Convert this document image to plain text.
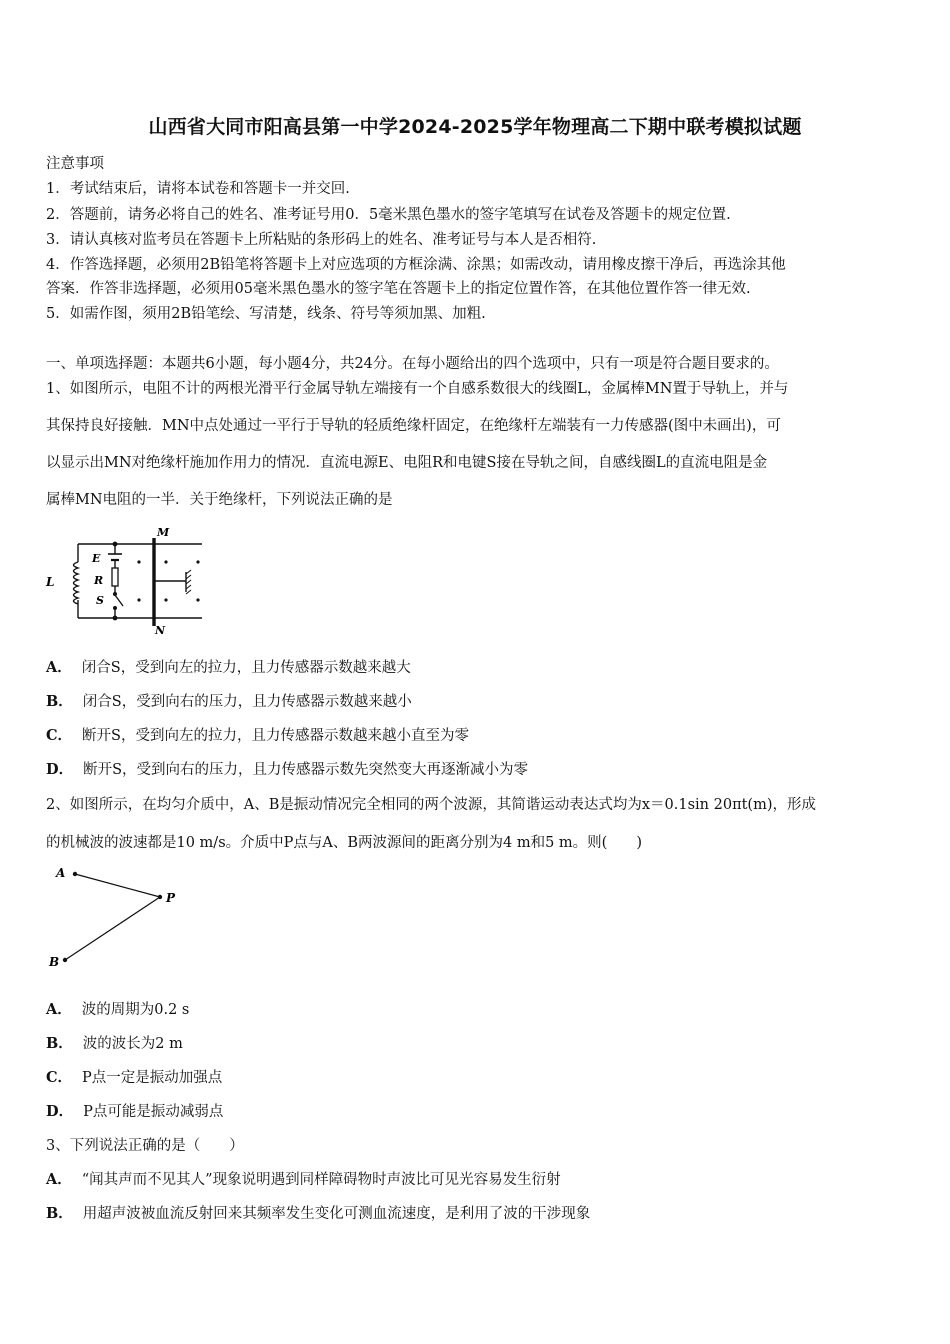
山西省大同市阳高县第一中学2024-2025学年物理高二下期中联考模拟试题
注意事项
1．考试结束后，请将本试卷和答题卡一并交回.
2．答题前，请务必将自己的姓名、准考证号用0．5毫米黑色墨水的签字笔填写在试卷及答题卡的规定位置.
3．请认真核对监考员在答题卡上所粘贴的条形码上的姓名、准考证号与本人是否相符.
4．作答选择题，必须用2B铅笔将答题卡上对应选项的方框涂满、涂黑；如需改动，请用橡皮擦干净后，再选涂其他
答案．作答非选择题，必须用05毫米黑色墨水的签字笔在答题卡上的指定位置作答，在其他位置作答一律无效.
5．如需作图，须用2B铅笔绘、写清楚，线条、符号等须加黑、加粗.
一、单项选择题：本题共6小题，每小题4分，共24分。在每小题给出的四个选项中，只有一项是符合题目要求的。
1、如图所示，电阻不计的两根光滑平行金属导轨左端接有一个自感系数很大的线圈L，金属棒MN置于导轨上，并与
其保持良好接触．MN中点处通过一平行于导轨的轻质绝缘杆固定，在绝缘杆左端装有一力传感器(图中未画出)，可
以显示出MN对绝缘杆施加作用力的情况．直流电源E、电阻R和电键S接在导轨之间，自感线圈L的直流电阻是金
属棒MN电阻的一半．关于绝缘杆，下列说法正确的是
L
E
R
S
M
N
A． 闭合S，受到向左的拉力，且力传感器示数越来越大
B． 闭合S，受到向右的压力，且力传感器示数越来越小
C． 断开S，受到向左的拉力，且力传感器示数越来越小直至为零
D． 断开S，受到向右的压力，且力传感器示数先突然变大再逐渐减小为零
2、如图所示，在均匀介质中，A、B是振动情况完全相同的两个波源，其简谐运动表达式均为x＝0.1sin 20πt(m)，形成
的机械波的波速都是10 m/s。介质中P点与A、B两波源间的距离分别为4 m和5 m。则(　　)
A
P
B
A． 波的周期为0.2 s
B． 波的波长为2 m
C． P点一定是振动加强点
D． P点可能是振动减弱点
3、下列说法正确的是（　　）
A． “闻其声而不见其人”现象说明遇到同样障碍物时声波比可见光容易发生衍射
B． 用超声波被血流反射回来其频率发生变化可测血流速度，是利用了波的干涉现象
